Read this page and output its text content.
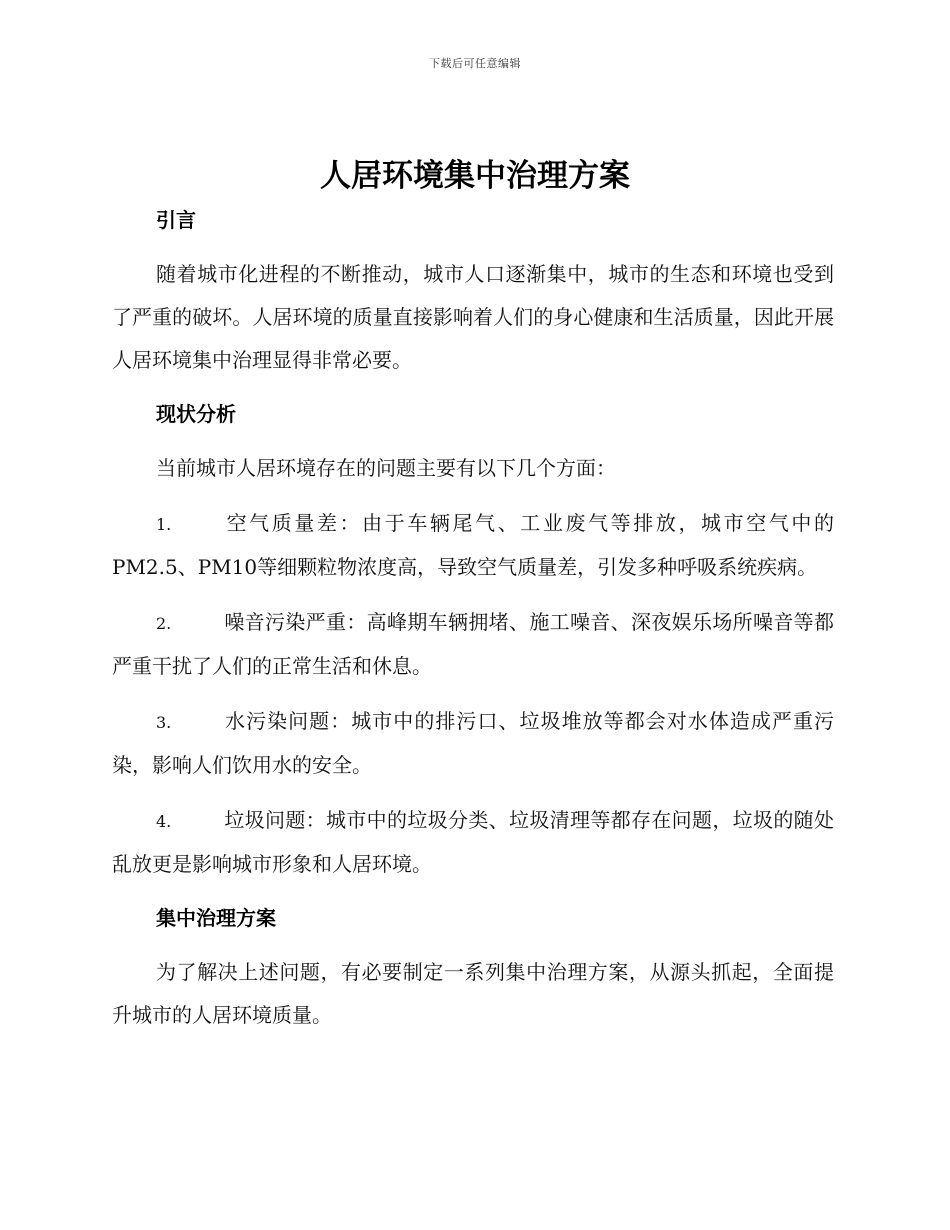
下载后可任意编辑
人居环境集中治理方案
引言

随着城市化进程的不断推动，城市人口逐渐集中，城市的生态和环境也受到了严重的破坏。人居环境的质量直接影响着人们的身心健康和生活质量，因此开展人居环境集中治理显得非常必要。

现状分析

当前城市人居环境存在的问题主要有以下几个方面：

1.	空气质量差：由于车辆尾气、工业废气等排放，城市空气中的PM2.5、PM10等细颗粒物浓度高，导致空气质量差，引发多种呼吸系统疾病。
2.	噪音污染严重：高峰期车辆拥堵、施工噪音、深夜娱乐场所噪音等都严重干扰了人们的正常生活和休息。
3.	水污染问题：城市中的排污口、垃圾堆放等都会对水体造成严重污染，影响人们饮用水的安全。
4.	垃圾问题：城市中的垃圾分类、垃圾清理等都存在问题，垃圾的随处乱放更是影响城市形象和人居环境。
集中治理方案

为了解决上述问题，有必要制定一系列集中治理方案，从源头抓起，全面提升城市的人居环境质量。
